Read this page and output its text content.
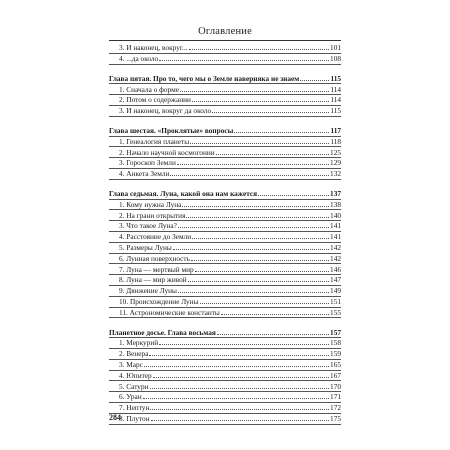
Оглавление
3. И наконец, вокруг...	101
4. ...да около	108
Глава пятая. Про то, чего мы о Земле наверняка не знаем	115
1. Сначала о форме	114
2. Потом о содержании	114
3. И наконец, вокруг да около	115
Глава шестая. «Проклятые» вопросы	117
1. Генеалогия планеты	118
2. Начало научной космогонии	125
3. Гороскоп Земли	129
4. Анкета Земли	132
Глава седьмая. Луна, какой она нам кажется	137
1. Кому нужна Луна	138
2. На грани открытия	140
3. Что такое Луна?	141
4. Расстояние до Земли	141
5. Размеры Луны	142
6. Лунная поверхность	142
7. Луна — мертвый мир	146
8. Луна — мир живой	147
9. Движение Луны	149
10. Происхождение Луны	151
11. Астрономические константы	155
Планетное досье. Глава восьмая	157
1. Меркурий	158
2. Венера	159
3. Марс	165
4. Юпитер	167
5. Сатурн	170
6. Уран	171
7. Нептун	172
8. Плутон	175
284
